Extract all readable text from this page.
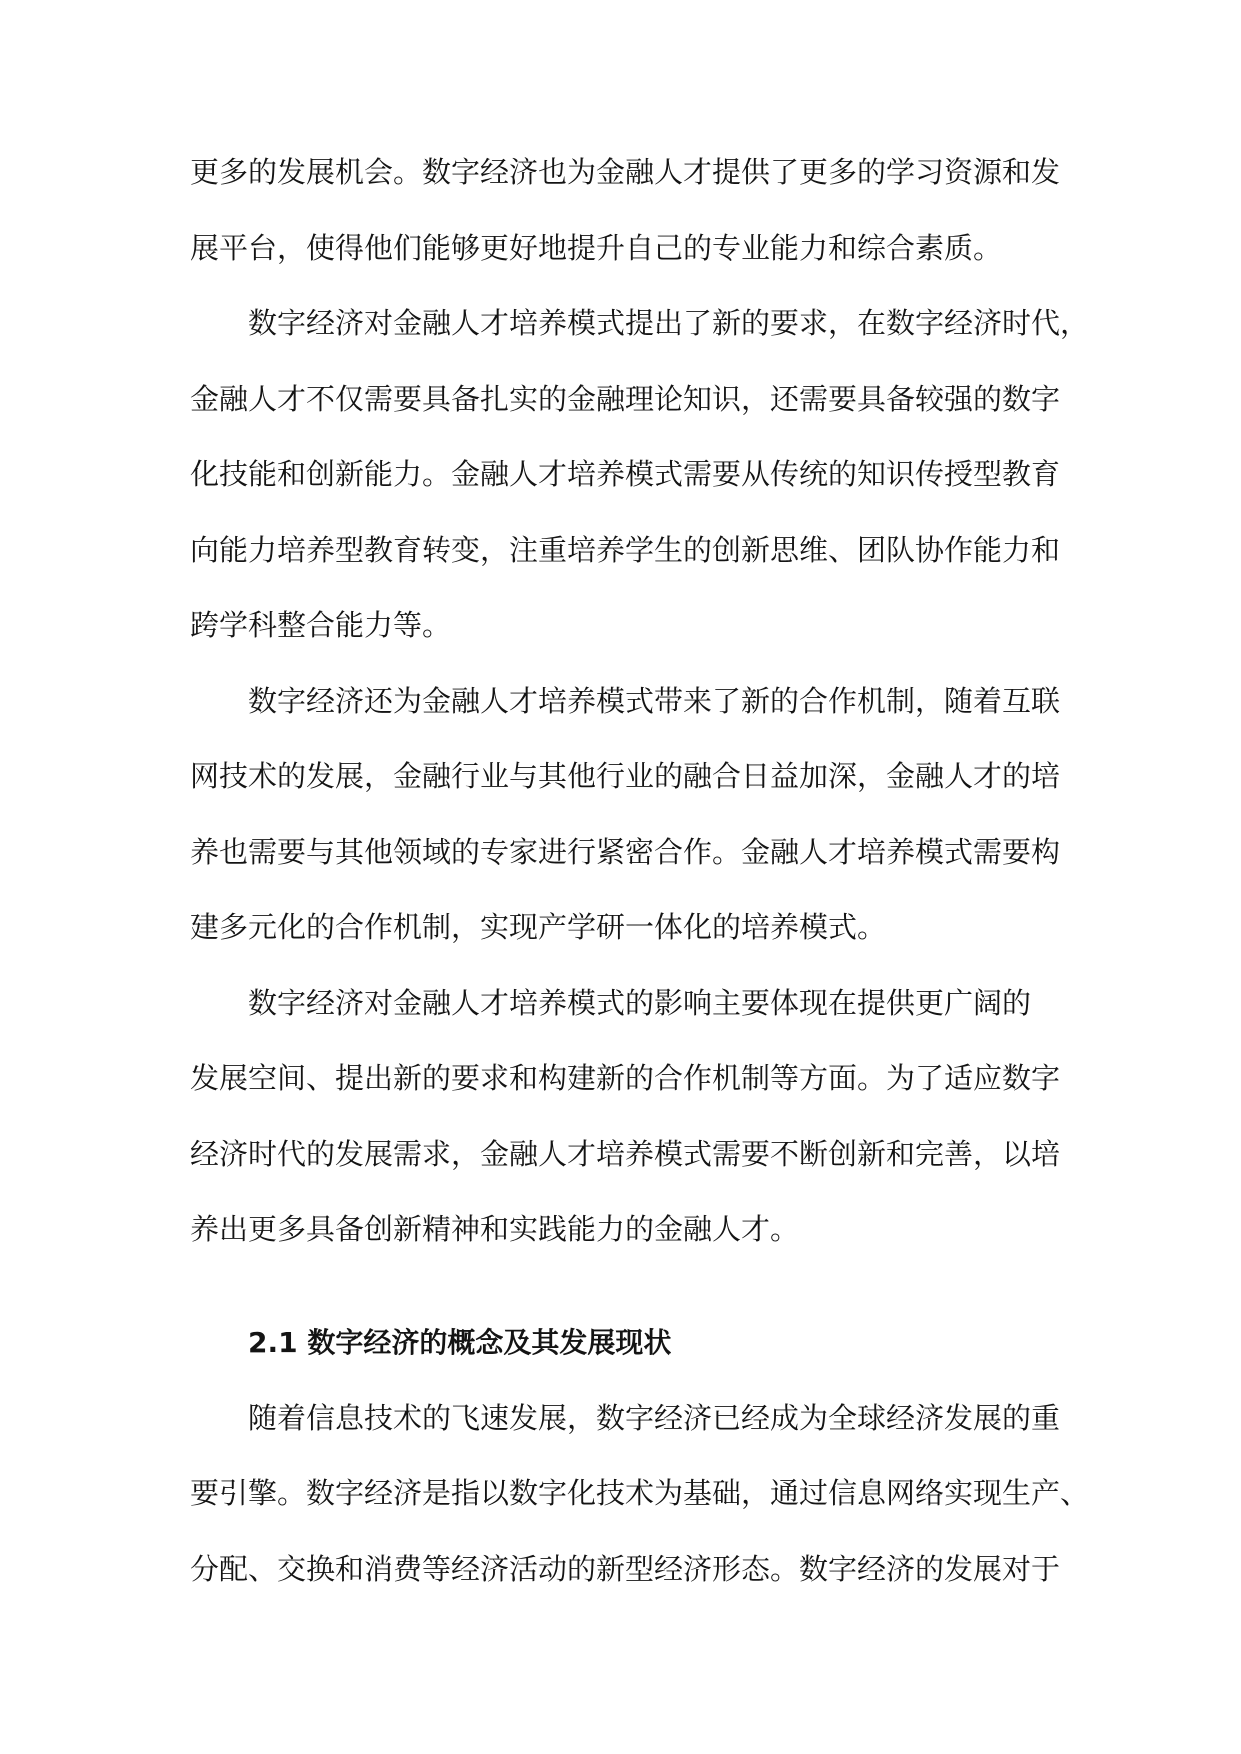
更多的发展机会。数字经济也为金融人才提供了更多的学习资源和发
展平台，使得他们能够更好地提升自己的专业能力和综合素质。
数字经济对金融人才培养模式提出了新的要求，在数字经济时代，
金融人才不仅需要具备扎实的金融理论知识，还需要具备较强的数字
化技能和创新能力。金融人才培养模式需要从传统的知识传授型教育
向能力培养型教育转变，注重培养学生的创新思维、团队协作能力和
跨学科整合能力等。
数字经济还为金融人才培养模式带来了新的合作机制，随着互联
网技术的发展，金融行业与其他行业的融合日益加深，金融人才的培
养也需要与其他领域的专家进行紧密合作。金融人才培养模式需要构
建多元化的合作机制，实现产学研一体化的培养模式。
数字经济对金融人才培养模式的影响主要体现在提供更广阔的
发展空间、提出新的要求和构建新的合作机制等方面。为了适应数字
经济时代的发展需求，金融人才培养模式需要不断创新和完善，以培
养出更多具备创新精神和实践能力的金融人才。
2.1 数字经济的概念及其发展现状
随着信息技术的飞速发展，数字经济已经成为全球经济发展的重
要引擎。数字经济是指以数字化技术为基础，通过信息网络实现生产、
分配、交换和消费等经济活动的新型经济形态。数字经济的发展对于
